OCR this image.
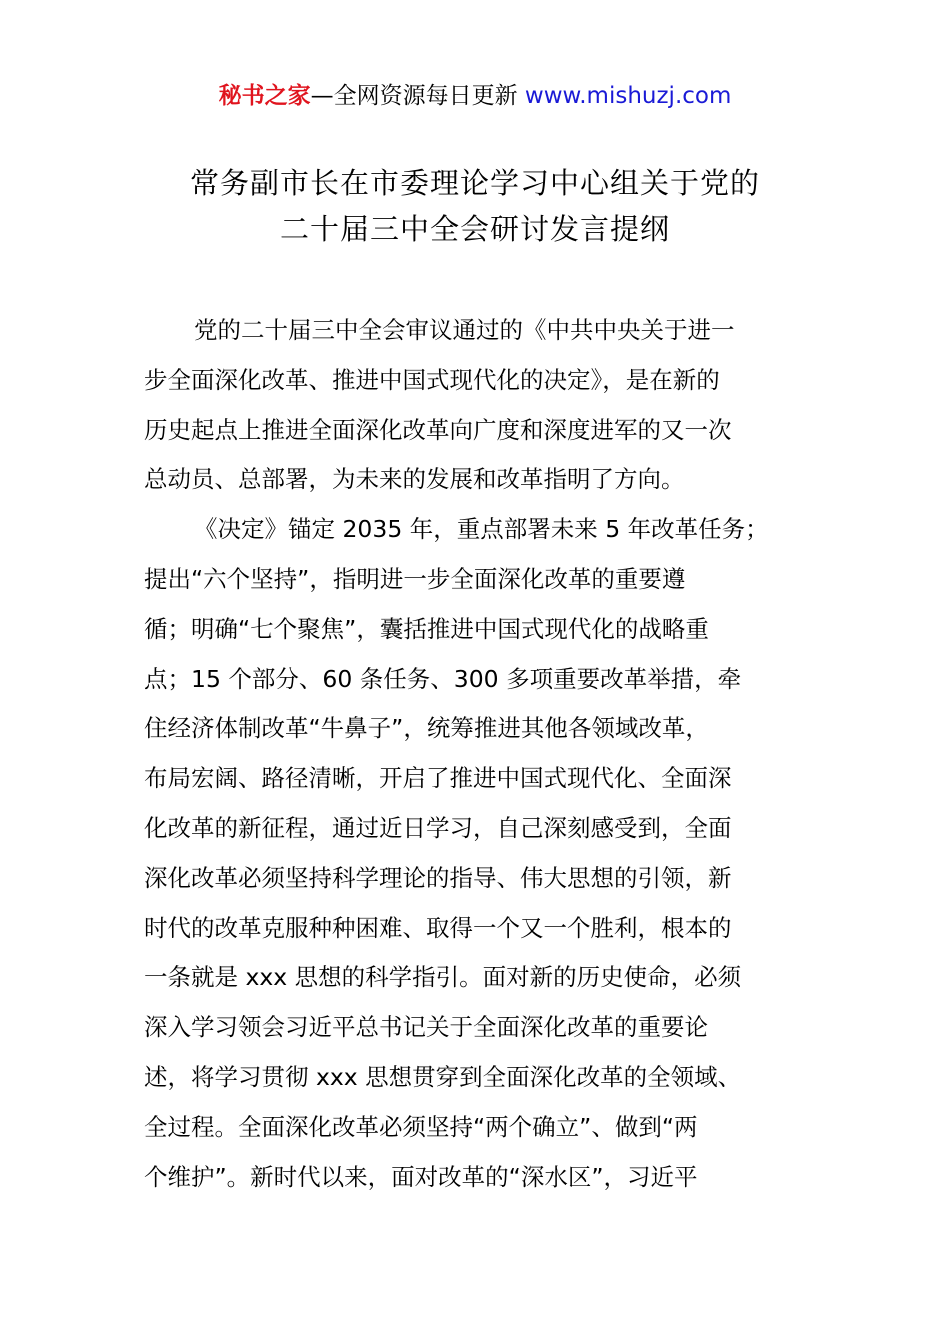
秘书之家—全网资源每日更新 www.mishuzj.com
常务副市长在市委理论学习中心组关于党的
二十届三中全会研讨发言提纲
党的二十届三中全会审议通过的《中共中央关于进一
步全面深化改革、推进中国式现代化的决定》，是在新的
历史起点上推进全面深化改革向广度和深度进军的又一次
总动员、总部署，为未来的发展和改革指明了方向。
《决定》锚定 2035 年，重点部署未来 5 年改革任务；
提出“六个坚持”，指明进一步全面深化改革的重要遵
循；明确“七个聚焦”，囊括推进中国式现代化的战略重
点；15 个部分、60 条任务、300 多项重要改革举措，牵
住经济体制改革“牛鼻子”，统筹推进其他各领域改革，
布局宏阔、路径清晰，开启了推进中国式现代化、全面深
化改革的新征程，通过近日学习，自己深刻感受到，全面
深化改革必须坚持科学理论的指导、伟大思想的引领，新
时代的改革克服种种困难、取得一个又一个胜利，根本的
一条就是 xxx 思想的科学指引。面对新的历史使命，必须
深入学习领会习近平总书记关于全面深化改革的重要论
述，将学习贯彻 xxx 思想贯穿到全面深化改革的全领域、
全过程。全面深化改革必须坚持“两个确立”、做到“两
个维护”。新时代以来，面对改革的“深水区”，习近平
